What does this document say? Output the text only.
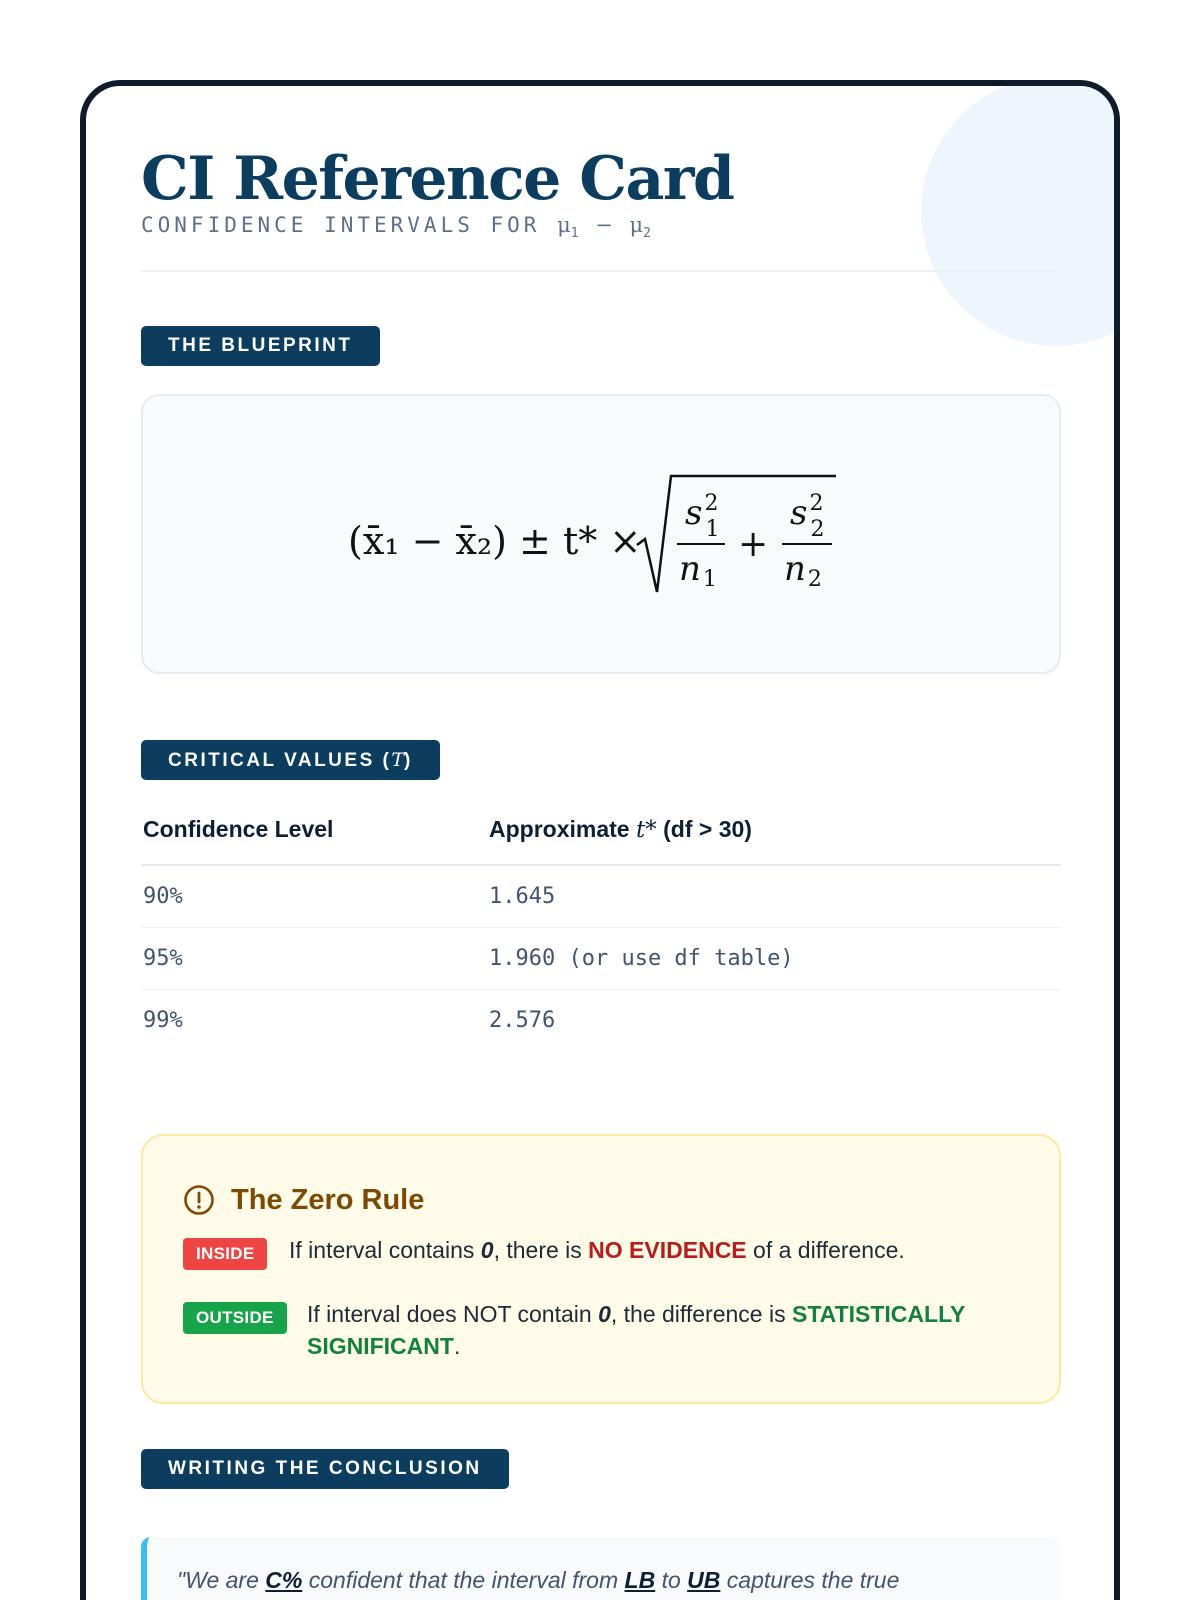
CI Reference Card
CONFIDENCE INTERVALS FOR $\mu_1 - \mu_2$
THE BLUEPRINT
(x̄₁ − x̄₂) ± t* ×
$s^2$ 1
n1
+
$s^2$ 2
n2
CRITICAL VALUES (T)
Confidence Level	Approximate t* (df > 30)
90%	1.645
95%	1.960 (or use df table)
99%	2.576
The Zero Rule
INSIDE	If interval contains 0, there is NO EVIDENCE of a difference.
OUTSIDE	If interval does NOT contain 0, the difference is STATISTICALLY SIGNIFICANT.
WRITING THE CONCLUSION
"We are C% confident that the interval from LB to UB captures the true
